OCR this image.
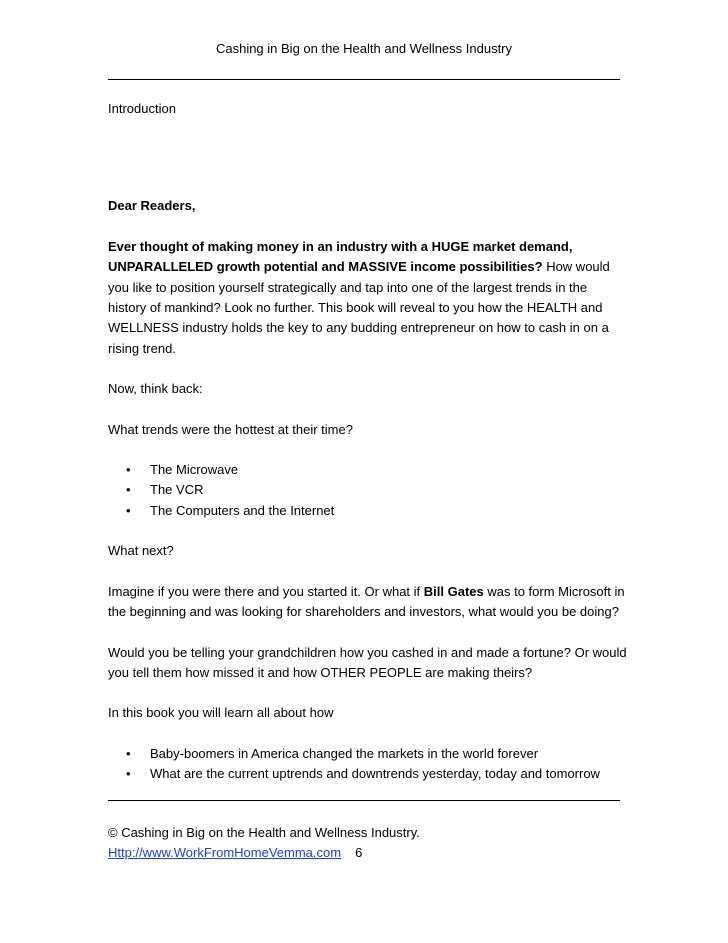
Cashing in Big on the Health and Wellness Industry

Introduction

Dear Readers,

Ever thought of making money in an industry with a HUGE market demand, UNPARALLELED growth potential and MASSIVE income possibilities? How would you like to position yourself strategically and tap into one of the largest trends in the history of mankind? Look no further. This book will reveal to you how the HEALTH and WELLNESS industry holds the key to any budding entrepreneur on how to cash in on a rising trend.

Now, think back:

What trends were the hottest at their time?

• The Microwave
• The VCR
• The Computers and the Internet

What next?

Imagine if you were there and you started it. Or what if Bill Gates was to form Microsoft in the beginning and was looking for shareholders and investors, what would you be doing?

Would you be telling your grandchildren how you cashed in and made a fortune? Or would you tell them how missed it and how OTHER PEOPLE are making theirs?

In this book you will learn all about how

• Baby-boomers in America changed the markets in the world forever
• What are the current uptrends and downtrends yesterday, today and tomorrow
© Cashing in Big on the Health and Wellness Industry.
Http://www.WorkFromHomeVemma.com 6
